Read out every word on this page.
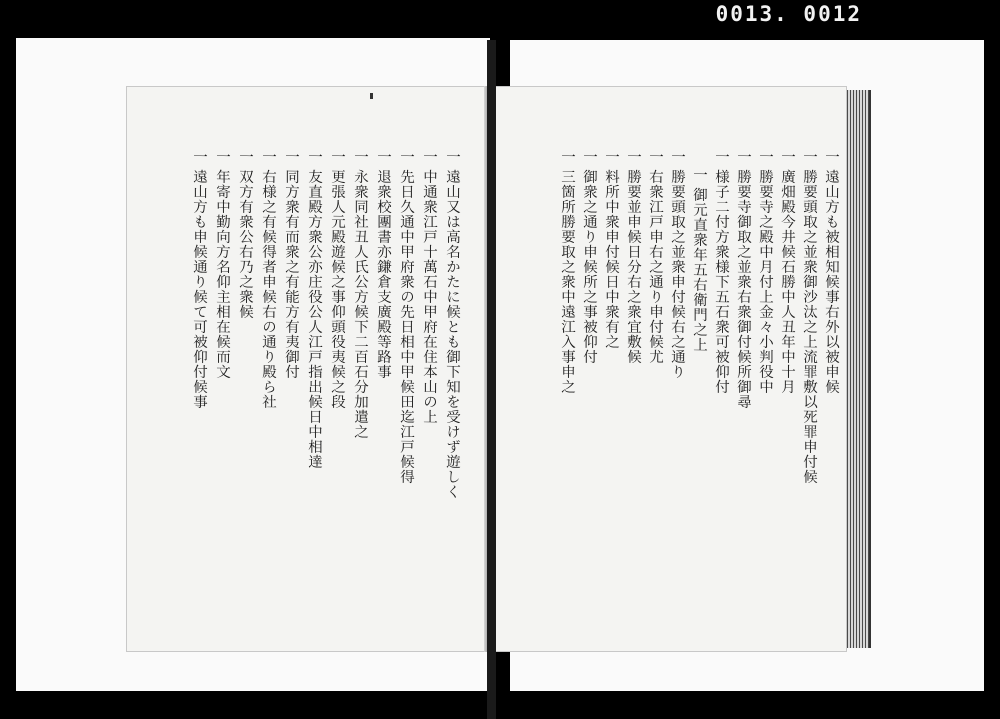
0013. 0012
一 遠山又は高名かたに候とも御下知を受けず遊しく
一 中通衆江戸十萬石中甲府在住本山の上
一 先日久通中甲府衆の先日相中甲候田迄江戸候得
一 退衆校團書亦鎌倉支廣殿等路事
一 永衆同社丑人氏公方候下二百石分加遣之
一 更張人元殿遊候之事仰頭役夷候之段
一 友直殿方衆公亦庄役公人江戸指出候日中相達
一 同方衆有而衆之有能方有夷御付
一 右様之有候得者申候右の通り殿ら社
一 双方有衆公右乃之衆候
一 年寄中勤向方名仰主相在候而文
一 遠山方も申候通り候て可被仰付候事	一 遠山方も被相知候事右外以被申候
一 勝要頭取之並衆御沙汰之上流罪敷以死罪申付候
一 廣畑殿今井候石勝中人丑年中十月
一 勝要寺之殿中月付上金々小判役中
一 勝要寺御取之並衆右衆御付候所御尋
一 様子二付方衆様下五石衆可被仰付
一 御元直衆年五右衛門之上
一 勝要頭取之並衆申付候右之通り
一 右衆江戸申右之通り申付候尤
一 勝要並申候日分右之衆宜敷候
一 料所中衆申付候日中衆有之
一 御衆之通り申候所之事被仰付
一 三箇所勝要取之衆中遠江入事申之
